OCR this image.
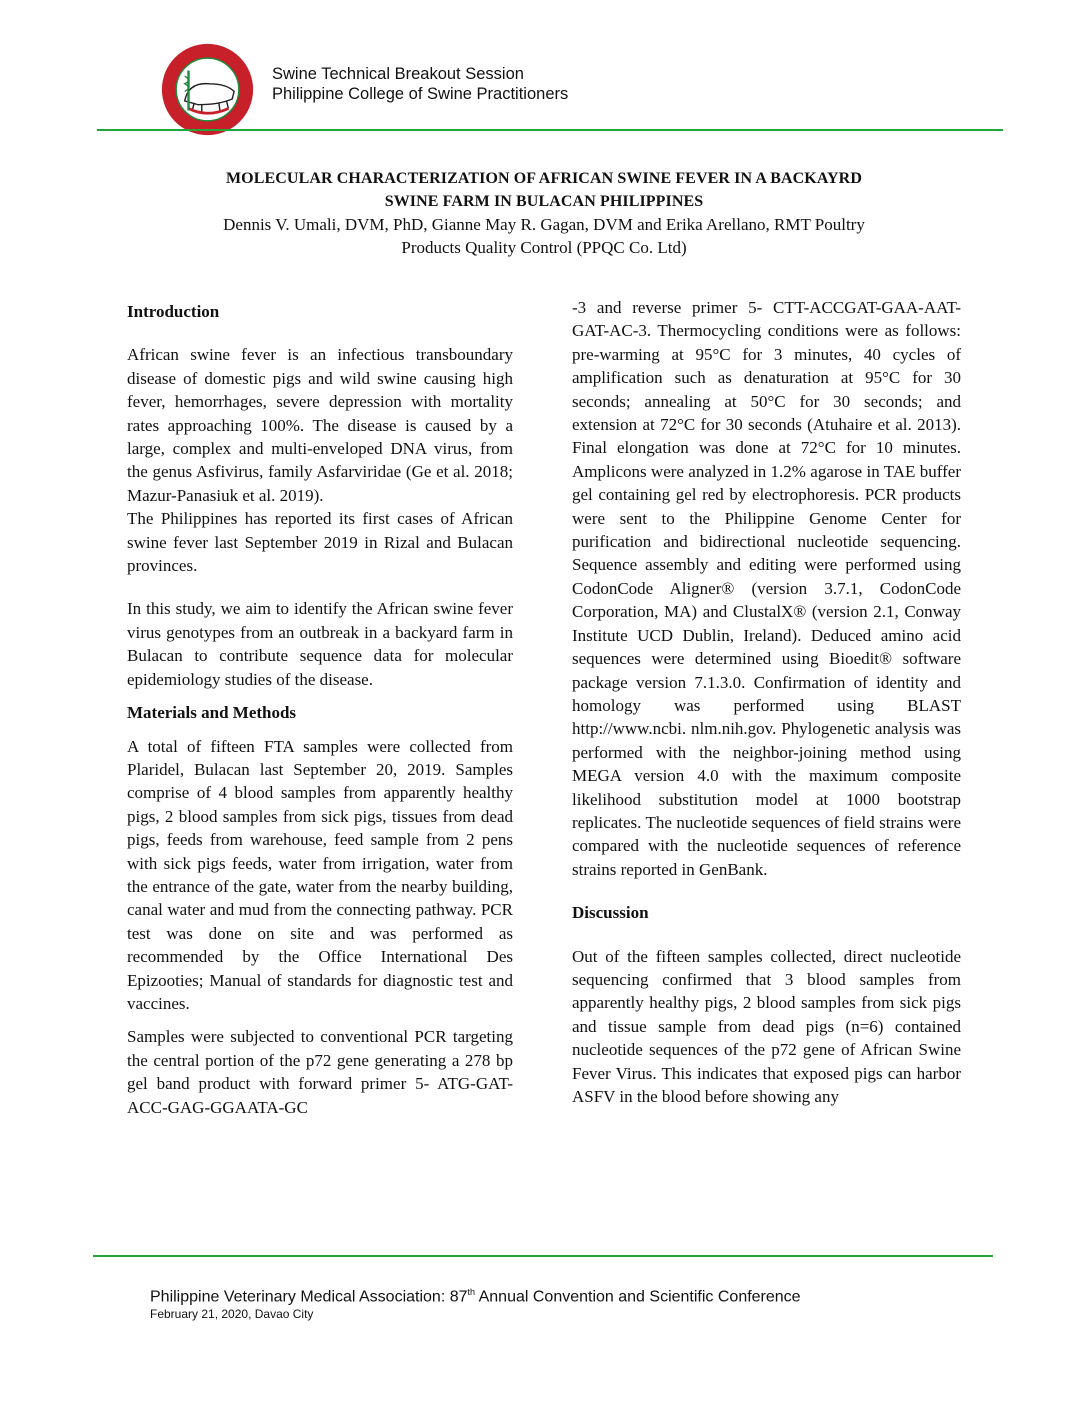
Swine Technical Breakout Session
Philippine College of Swine Practitioners

MOLECULAR CHARACTERIZATION OF AFRICAN SWINE FEVER IN A BACKAYRD
SWINE FARM IN BULACAN PHILIPPINES

Dennis V. Umali, DVM, PhD, Gianne May R. Gagan, DVM and Erika Arellano, RMT Poultry
Products Quality Control (PPQC Co. Ltd)

Introduction

African swine fever is an infectious transboundary disease of domestic pigs and wild swine causing high fever, hemorrhages, severe depression with mortality rates approaching 100%. The disease is caused by a large, complex and multi-enveloped DNA virus, from the genus Asfivirus, family Asfarviridae (Ge et al. 2018; Mazur-Panasiuk et al. 2019).

The Philippines has reported its first cases of African swine fever last September 2019 in Rizal and Bulacan provinces.

In this study, we aim to identify the African swine fever virus genotypes from an outbreak in a backyard farm in Bulacan to contribute sequence data for molecular epidemiology studies of the disease.

Materials and Methods

A total of fifteen FTA samples were collected from Plaridel, Bulacan last September 20, 2019. Samples comprise of 4 blood samples from apparently healthy pigs, 2 blood samples from sick pigs, tissues from dead pigs, feeds from warehouse, feed sample from 2 pens with sick pigs feeds, water from irrigation, water from the entrance of the gate, water from the nearby building, canal water and mud from the connecting pathway. PCR test was done on site and was performed as recommended by the Office International Des Epizooties; Manual of standards for diagnostic test and vaccines.

Samples were subjected to conventional PCR targeting the central portion of the p72 gene generating a 278 bp gel band product with forward primer 5- ATG-GAT-ACC-GAG-GGAATA-GC

-3 and reverse primer 5- CTT-ACCGAT-GAA-AAT-GAT-AC-3. Thermocycling conditions were as follows: pre-warming at 95°C for 3 minutes, 40 cycles of amplification such as denaturation at 95°C for 30 seconds; annealing at 50°C for 30 seconds; and extension at 72°C for 30 seconds (Atuhaire et al. 2013). Final elongation was done at 72°C for 10 minutes. Amplicons were analyzed in 1.2% agarose in TAE buffer gel containing gel red by electrophoresis. PCR products were sent to the Philippine Genome Center for purification and bidirectional nucleotide sequencing. Sequence assembly and editing were performed using CodonCode Aligner® (version 3.7.1, CodonCode Corporation, MA) and ClustalX® (version 2.1, Conway Institute UCD Dublin, Ireland). Deduced amino acid sequences were determined using Bioedit® software package version 7.1.3.0. Confirmation of identity and homology was performed using BLAST http://www.ncbi. nlm.nih.gov. Phylogenetic analysis was performed with the neighbor-joining method using MEGA version 4.0 with the maximum composite likelihood substitution model at 1000 bootstrap replicates. The nucleotide sequences of field strains were compared with the nucleotide sequences of reference strains reported in GenBank.

Discussion

Out of the fifteen samples collected, direct nucleotide sequencing confirmed that 3 blood samples from apparently healthy pigs, 2 blood samples from sick pigs and tissue sample from dead pigs (n=6) contained nucleotide sequences of the p72 gene of African Swine Fever Virus. This indicates that exposed pigs can harbor ASFV in the blood before showing any

Philippine Veterinary Medical Association: 87th Annual Convention and Scientific Conference
February 21, 2020, Davao City
